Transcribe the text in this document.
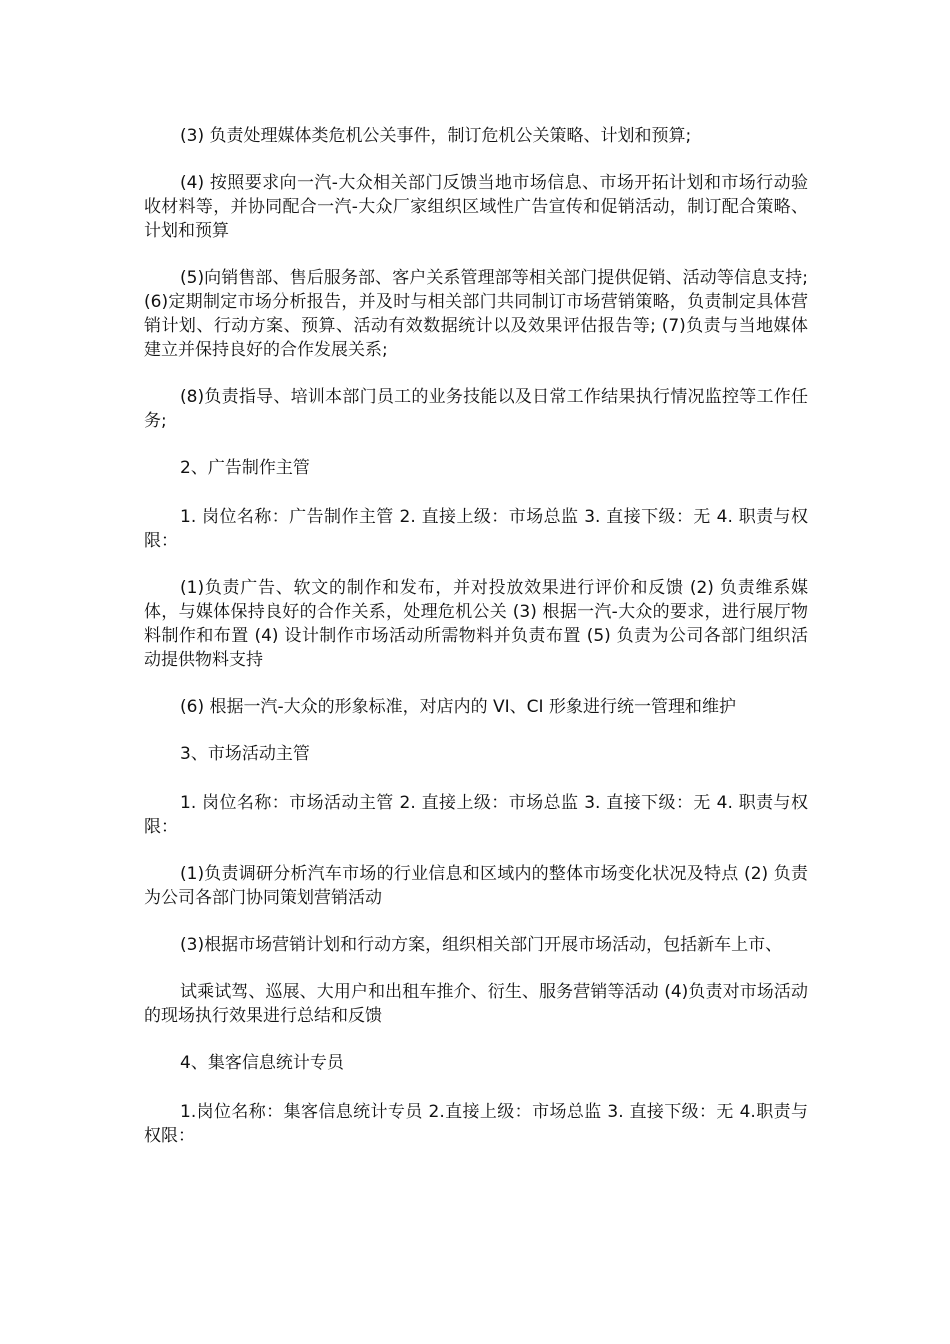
(3) 负责处理媒体类危机公关事件，制订危机公关策略、计划和预算;

(4) 按照要求向一汽-大众相关部门反馈当地市场信息、市场开拓计划和市场行动验收材料等，并协同配合一汽-大众厂家组织区域性广告宣传和促销活动，制订配合策略、计划和预算

(5)向销售部、售后服务部、客户关系管理部等相关部门提供促销、活动等信息支持; (6)定期制定市场分析报告，并及时与相关部门共同制订市场营销策略，负责制定具体营销计划、行动方案、预算、活动有效数据统计以及效果评估报告等; (7)负责与当地媒体建立并保持良好的合作发展关系;

(8)负责指导、培训本部门员工的业务技能以及日常工作结果执行情况监控等工作任务;

2、广告制作主管

1. 岗位名称：广告制作主管 2. 直接上级：市场总监 3. 直接下级：无 4. 职责与权限：

(1)负责广告、软文的制作和发布，并对投放效果进行评价和反馈 (2) 负责维系媒体，与媒体保持良好的合作关系，处理危机公关 (3) 根据一汽-大众的要求，进行展厅物料制作和布置 (4) 设计制作市场活动所需物料并负责布置 (5) 负责为公司各部门组织活动提供物料支持

(6) 根据一汽-大众的形象标准，对店内的 VI、CI 形象进行统一管理和维护

3、市场活动主管

1. 岗位名称：市场活动主管 2. 直接上级：市场总监 3. 直接下级：无 4. 职责与权限：

(1)负责调研分析汽车市场的行业信息和区域内的整体市场变化状况及特点 (2) 负责为公司各部门协同策划营销活动

(3)根据市场营销计划和行动方案，组织相关部门开展市场活动，包括新车上市、

试乘试驾、巡展、大用户和出租车推介、衍生、服务营销等活动 (4)负责对市场活动的现场执行效果进行总结和反馈

4、集客信息统计专员

1.岗位名称：集客信息统计专员 2.直接上级：市场总监 3. 直接下级：无 4.职责与权限：
